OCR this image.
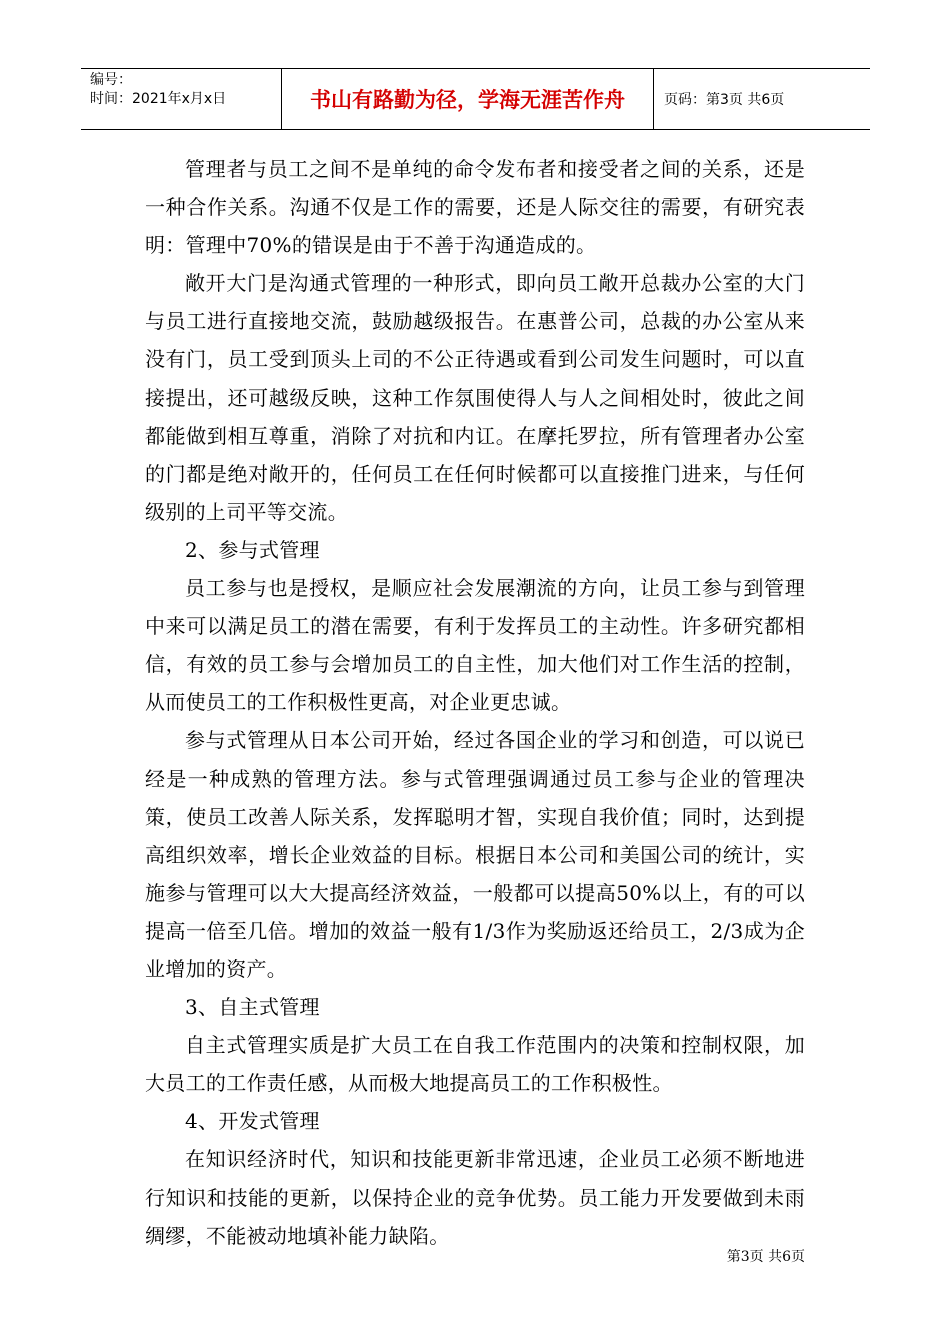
编号：
时间：2021年x月x日	书山有路勤为径，学海无涯苦作舟	页码：第3页 共6页

管理者与员工之间不是单纯的命令发布者和接受者之间的关系，还是一种合作关系。沟通不仅是工作的需要，还是人际交往的需要，有研究表明：管理中70%的错误是由于不善于沟通造成的。

敞开大门是沟通式管理的一种形式，即向员工敞开总裁办公室的大门与员工进行直接地交流，鼓励越级报告。在惠普公司，总裁的办公室从来没有门，员工受到顶头上司的不公正待遇或看到公司发生问题时，可以直接提出，还可越级反映，这种工作氛围使得人与人之间相处时，彼此之间都能做到相互尊重，消除了对抗和内讧。在摩托罗拉，所有管理者办公室的门都是绝对敞开的，任何员工在任何时候都可以直接推门进来，与任何级别的上司平等交流。

2、参与式管理

员工参与也是授权，是顺应社会发展潮流的方向，让员工参与到管理中来可以满足员工的潜在需要，有利于发挥员工的主动性。许多研究都相信，有效的员工参与会增加员工的自主性，加大他们对工作生活的控制，从而使员工的工作积极性更高，对企业更忠诚。

参与式管理从日本公司开始，经过各国企业的学习和创造，可以说已经是一种成熟的管理方法。参与式管理强调通过员工参与企业的管理决策，使员工改善人际关系，发挥聪明才智，实现自我价值；同时，达到提高组织效率，增长企业效益的目标。根据日本公司和美国公司的统计，实施参与管理可以大大提高经济效益，一般都可以提高50%以上，有的可以提高一倍至几倍。增加的效益一般有1/3作为奖励返还给员工，2/3成为企业增加的资产。

3、自主式管理

自主式管理实质是扩大员工在自我工作范围内的决策和控制权限，加大员工的工作责任感，从而极大地提高员工的工作积极性。

4、开发式管理

在知识经济时代，知识和技能更新非常迅速，企业员工必须不断地进行知识和技能的更新，以保持企业的竞争优势。员工能力开发要做到未雨绸缪，不能被动地填补能力缺陷。

第3页 共6页
